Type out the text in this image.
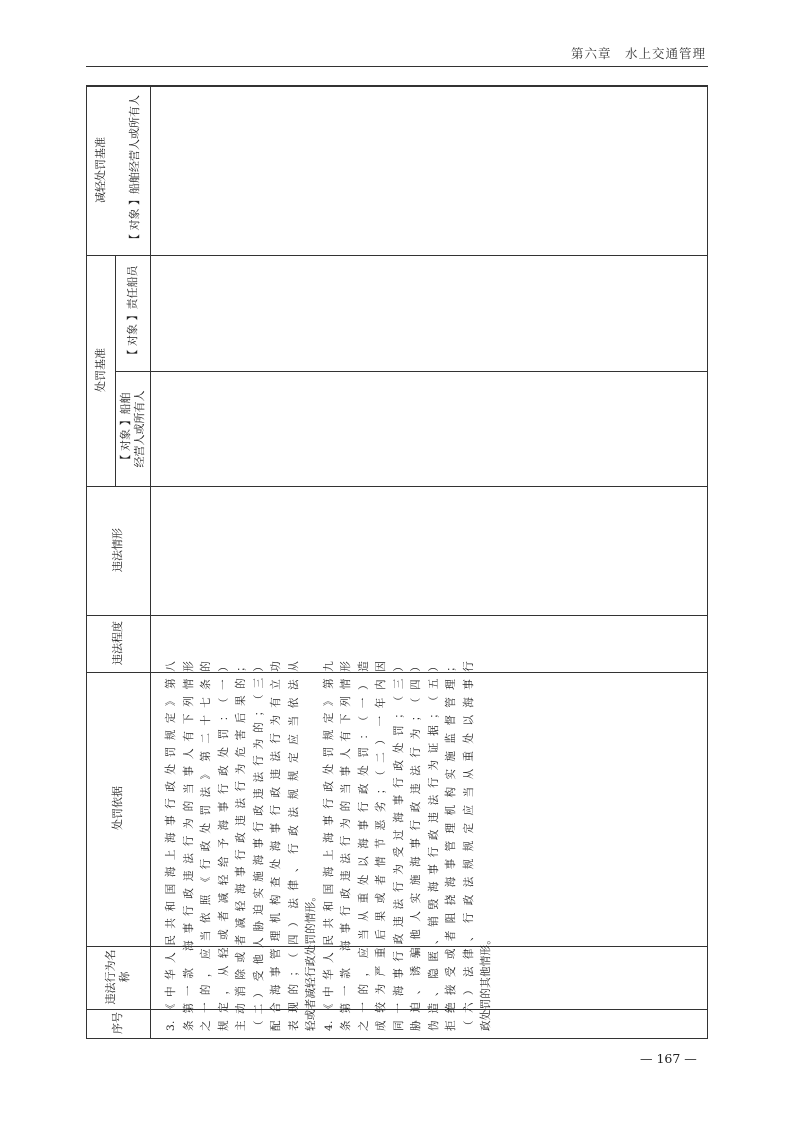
第六章　水上交通管理
减轻处罚基准 【 对象 】船舶经营人或所有人
处罚基准
【 对象 】责任船员
【 对象 】船舶经营人或所有人
违法情形
违法程度
处罚依据
违法行为名称
序号	3.《中华人民共和国海上海事行政处罚规定》第八 条第一款 海事行政违法行为的当事人有下列情形 之一的，应当依照《行政处罚法》第二十七条的 规定，从轻或者减轻给予海事行政处罚：（一） 主动消除或者减轻海事行政违法行为危害后果的； （二）受他人胁迫实施海事行政违法行为的；（三） 配合海事管理机构查处海事行政违法行为有立功 表现的；（四）法律、行政法规规定应当依法从 轻或者减轻行政处罚的情形。 4.《中华人民共和国海上海事行政处罚规定》第九 条第一款 海事行政违法行为的当事人有下列情形 之一的，应当从重处以海事行政处罚：（一）造 成较为严重后果或者情节恶劣；（二）一年内因 同一海事行政违法行为受过海事行政处罚；（三） 胁迫、诱骗他人实施海事行政违法行为；（四） 伪造、隐匿、销毁海事行政违法行为证据；（五） 拒绝接受或者阻挠海事管理机构实施监督管理； （六）法律、行政法规规定应当从重处以海事行 政处罚的其他情形。

— 167 —
